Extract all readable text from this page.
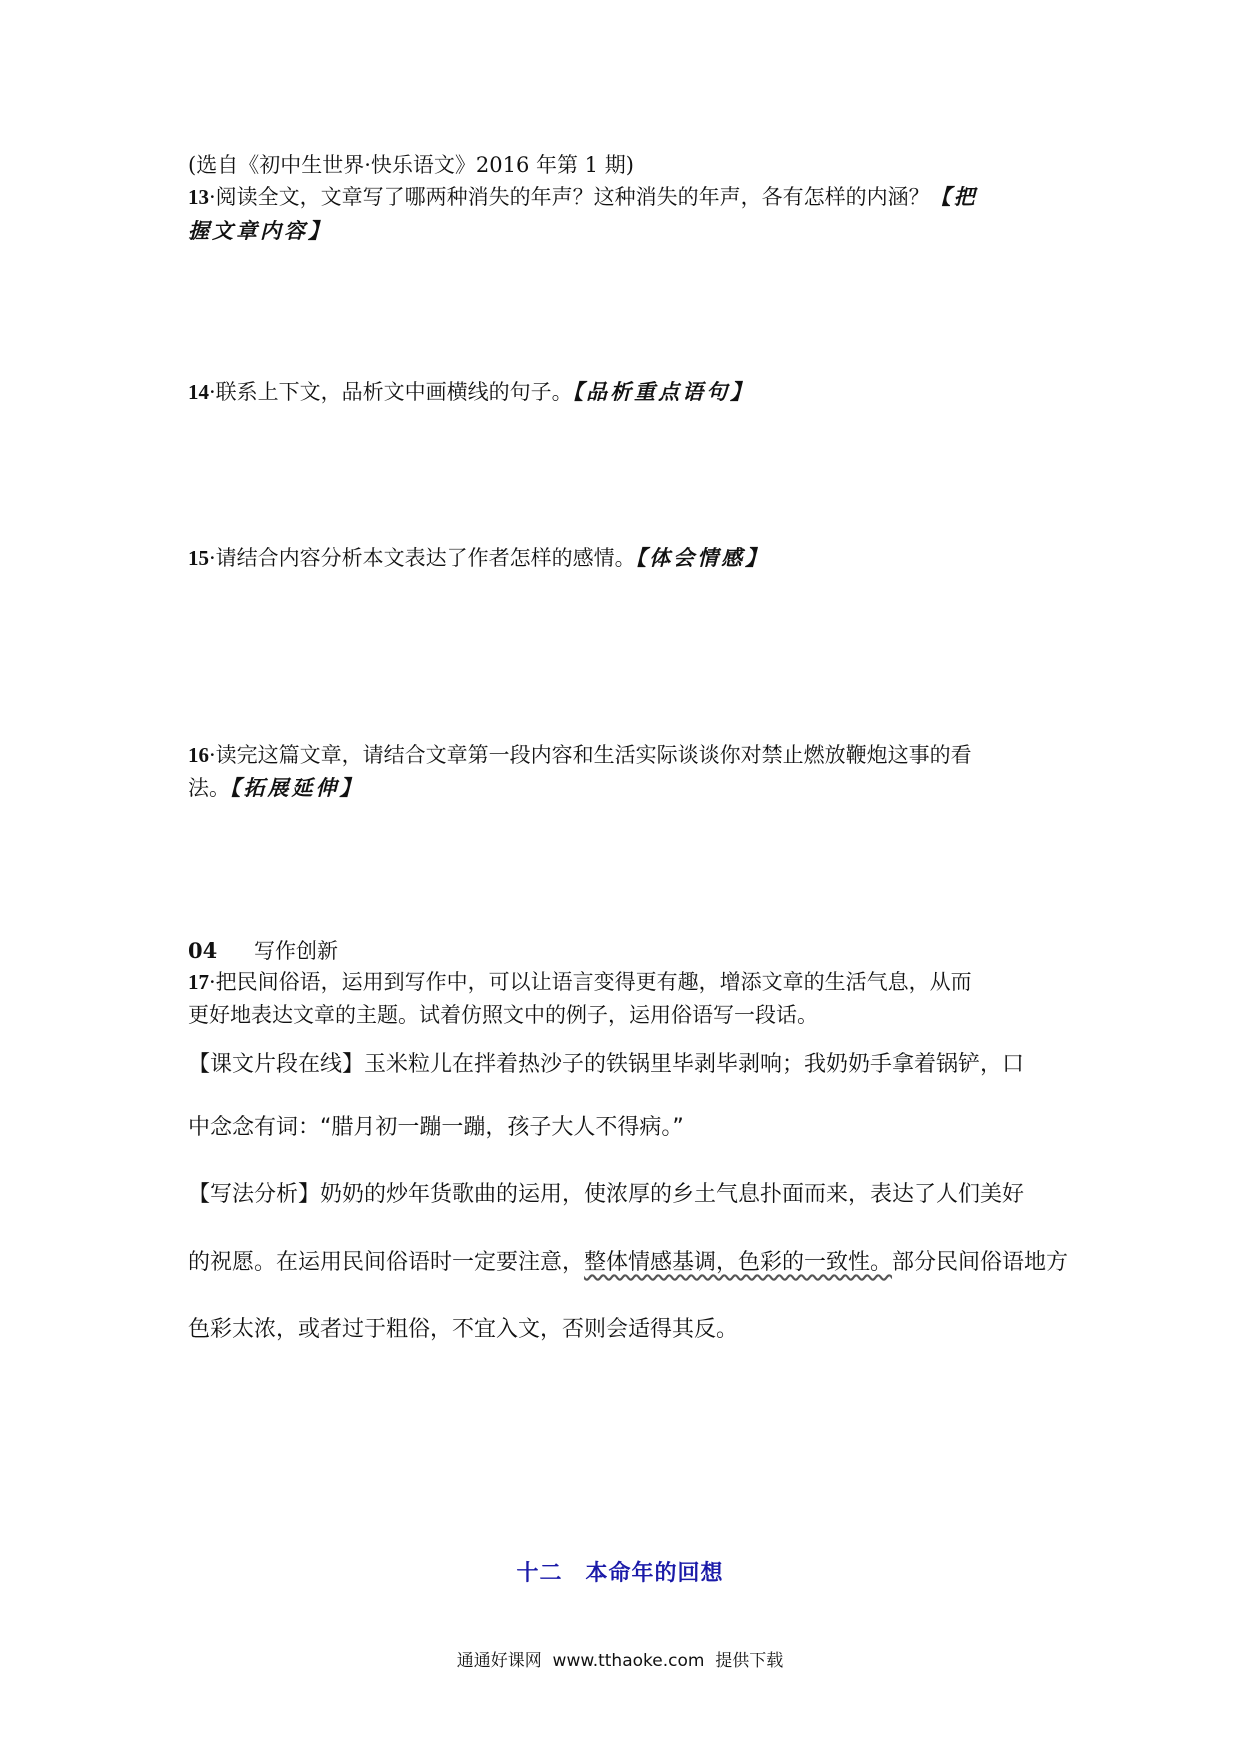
(选自《初中生世界·快乐语文》2016 年第 1 期)
13·阅读全文，文章写了哪两种消失的年声？这种消失的年声，各有怎样的内涵？【把
握文章内容】
14·联系上下文，品析文中画横线的句子。【品析重点语句】
15·请结合内容分析本文表达了作者怎样的感情。【体会情感】
16·读完这篇文章，请结合文章第一段内容和生活实际谈谈你对禁止燃放鞭炮这事的看
法。【拓展延伸】
04 写作创新
17·把民间俗语，运用到写作中，可以让语言变得更有趣，增添文章的生活气息，从而
更好地表达文章的主题。试着仿照文中的例子，运用俗语写一段话。
【课文片段在线】玉米粒儿在拌着热沙子的铁锅里毕剥毕剥响；我奶奶手拿着锅铲，口
中念念有词：“腊月初一蹦一蹦，孩子大人不得病。”
【写法分析】奶奶的炒年货歌曲的运用，使浓厚的乡土气息扑面而来，表达了人们美好
的祝愿。在运用民间俗语时一定要注意，整体情感基调，色彩的一致性。部分民间俗语地方
色彩太浓，或者过于粗俗，不宜入文，否则会适得其反。
十二　本命年的回想
通通好课网  www.tthaoke.com  提供下载
